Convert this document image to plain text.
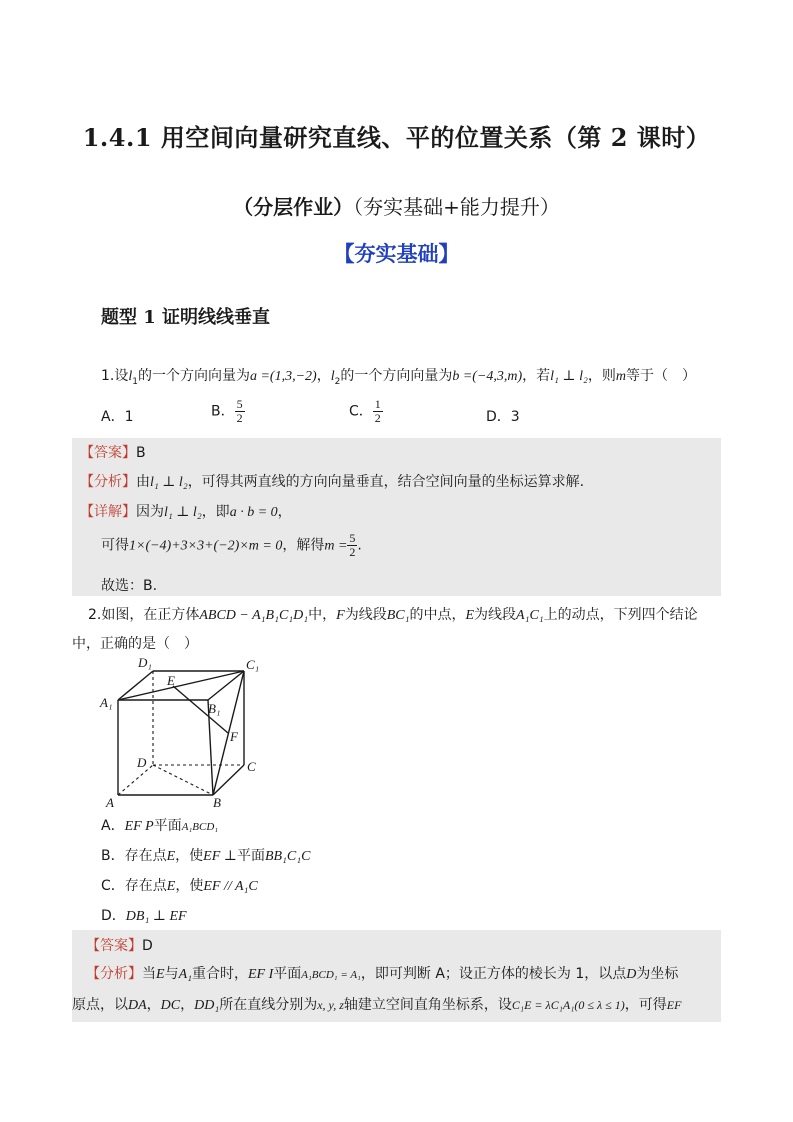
1.4.1 用空间向量研究直线、平的位置关系（第 2 课时）
（分层作业）（夯实基础+能力提升）
【夯实基础】
题型 1 证明线线垂直
1.设$l_1$的一个方向向量为a =(1,3,−2)，$l_2$的一个方向向量为b =(−4,3,m)，若l₁ ⊥ l₂，则m等于（　）
A．1	B． $\frac{5}{2}$	C． $\frac{1}{2}$	D．3
【答案】B
【分析】由l₁ ⊥ l₂，可得其两直线的方向向量垂直，结合空间向量的坐标运算求解.
【详解】因为l₁ ⊥ l₂，即a · b = 0，
可得1×(−4)+3×3+(−2)×m = 0，解得$m = \frac{5}{2}$ .
故选：B.
2.如图，在正方体ABCD − A₁B₁C₁D₁中，F为线段BC₁的中点，E为线段A₁C₁上的动点，下列四个结论
中，正确的是（　）
D₁	C₁
A₁	B₁
E
F
D	C
A	B
A．EF P平面A₁BCD₁
B．存在点E，使EF ⊥平面BB₁C₁C
C．存在点E，使EF // A₁C
D．DB₁ ⊥ EF
【答案】D
【分析】当E与A₁重合时，EF I平面A₁BCD₁ = A₁，即可判断 A；设正方体的棱长为 1，以点D为坐标
原点，以DA，DC，DD₁所在直线分别为x, y, z轴建立空间直角坐标系，设C₁E = λC₁A₁(0 ≤ λ ≤ 1)，可得EF
